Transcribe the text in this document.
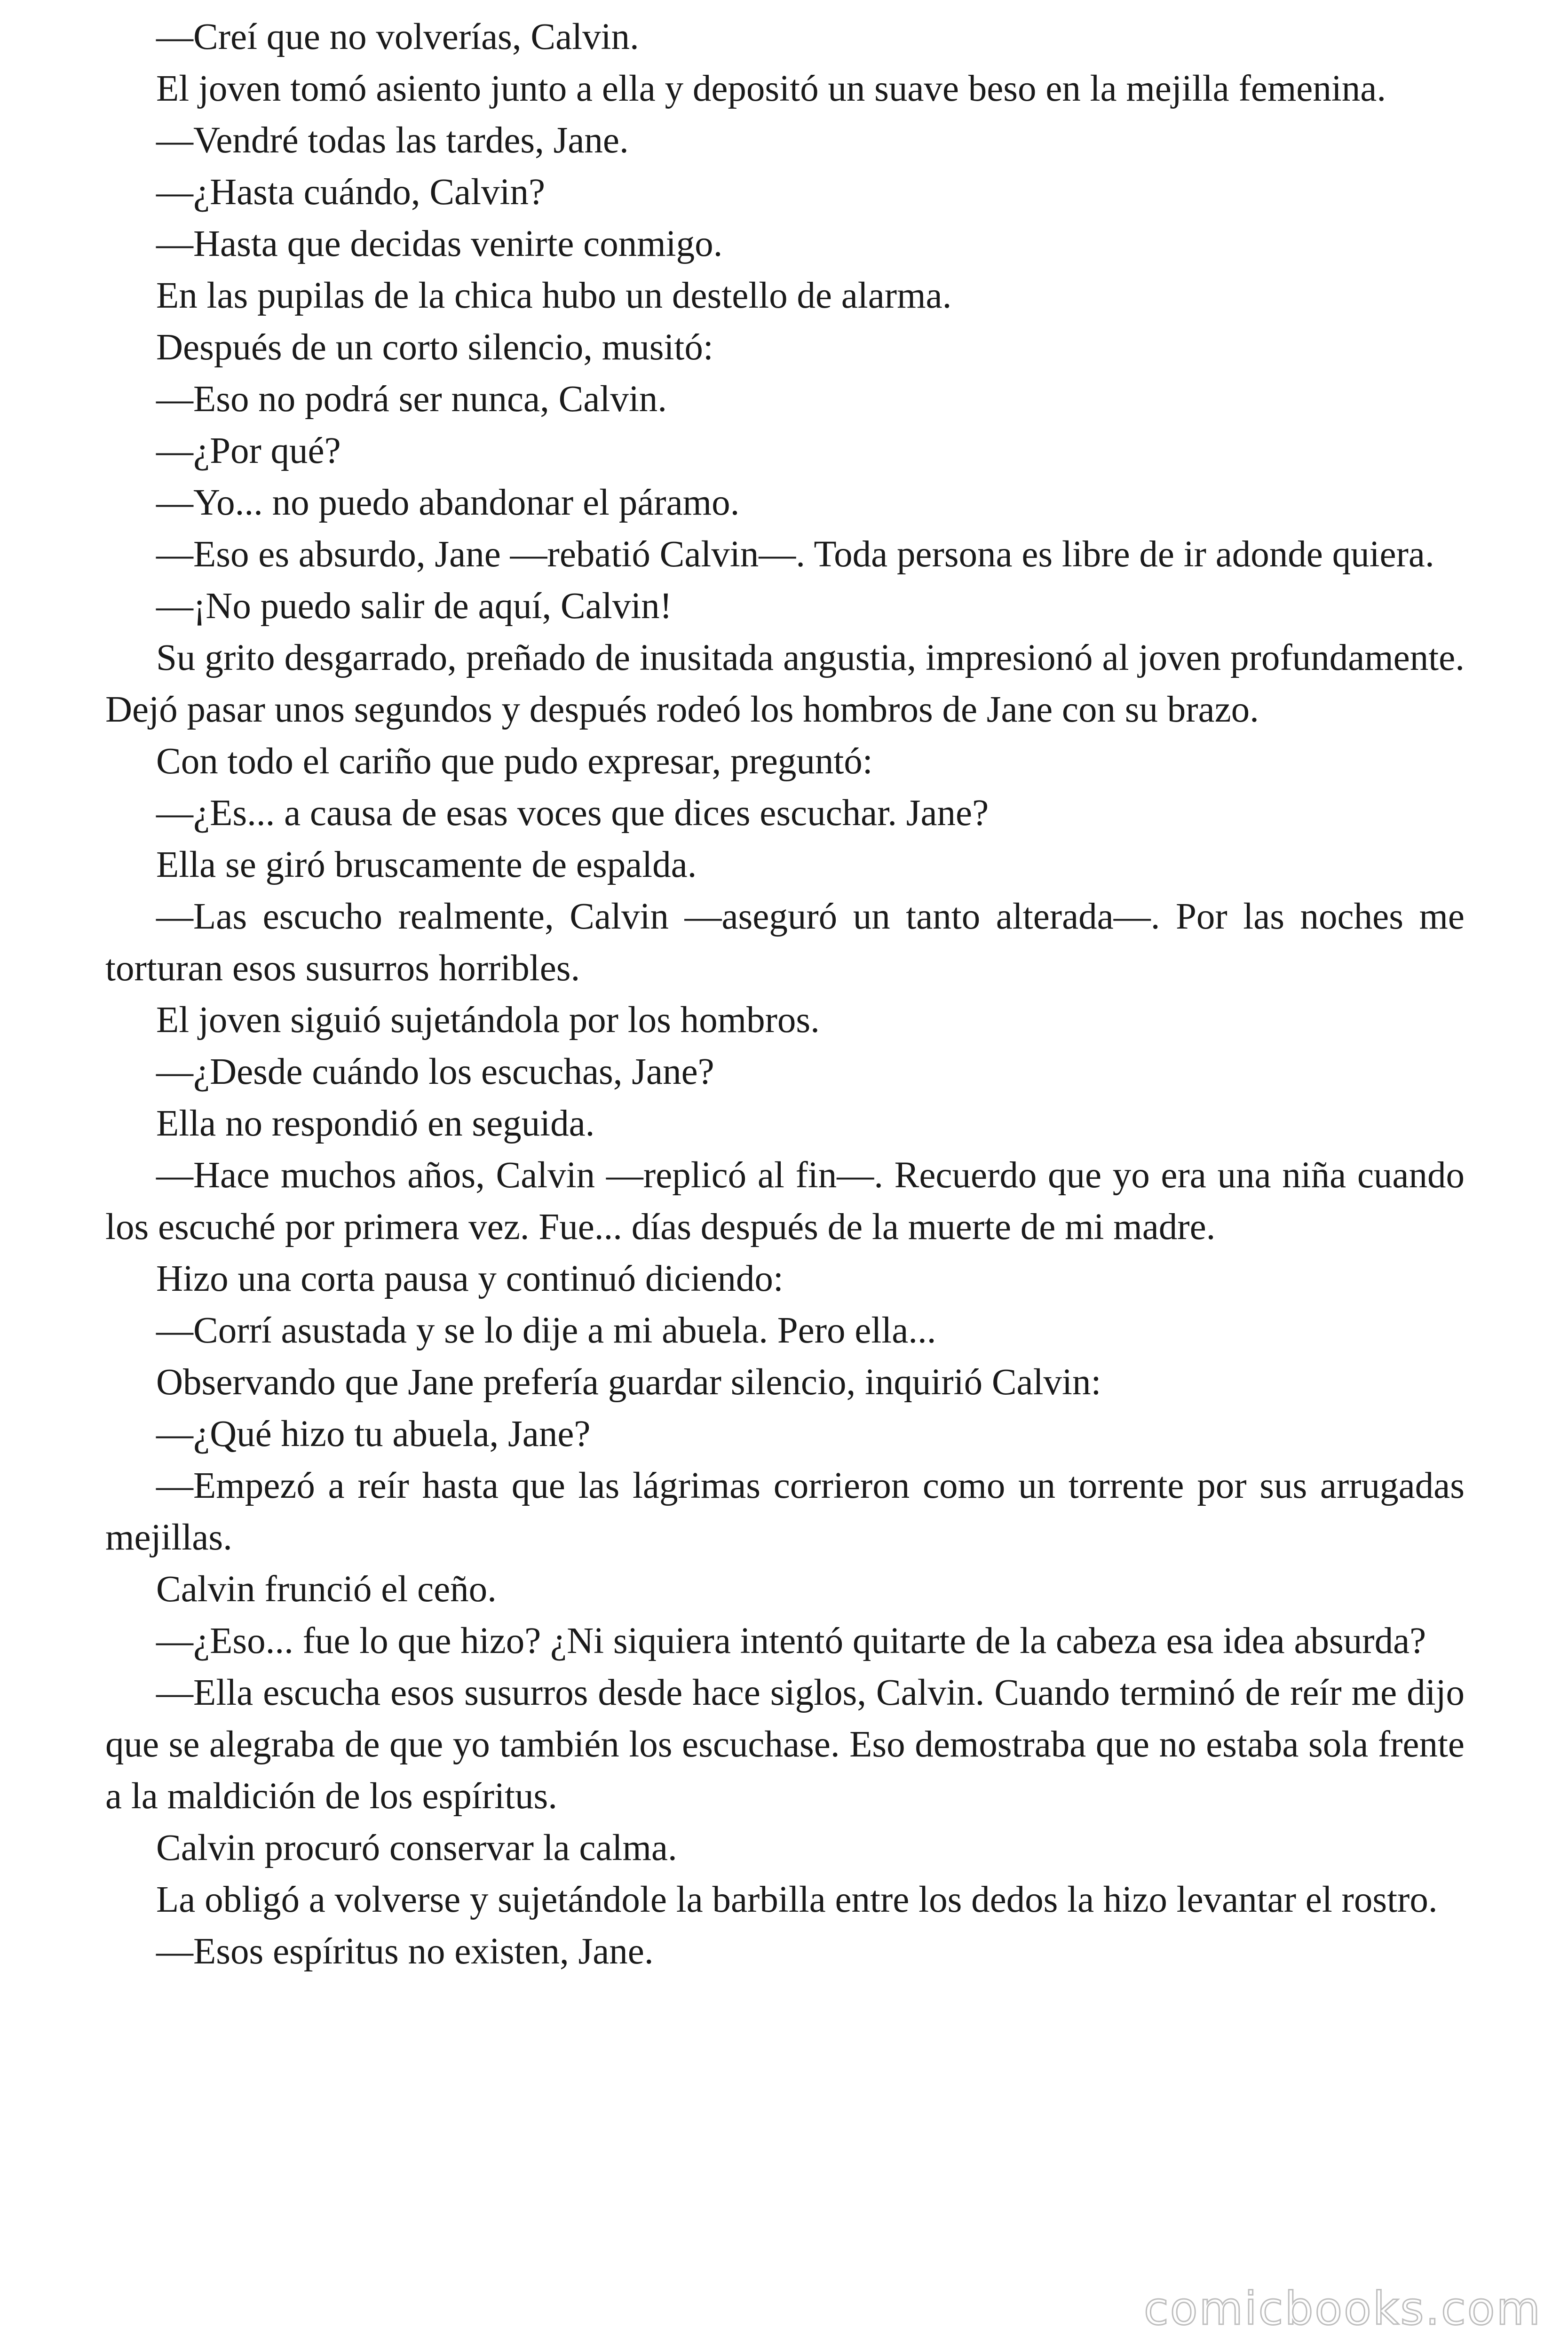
—Creí que no volverías, Calvin.

El joven tomó asiento junto a ella y depositó un suave beso en la mejilla femenina.

—Vendré todas las tardes, Jane.

—¿Hasta cuándo, Calvin?

—Hasta que decidas venirte conmigo.

En las pupilas de la chica hubo un destello de alarma.

Después de un corto silencio, musitó:

—Eso no podrá ser nunca, Calvin.

—¿Por qué?

—Yo... no puedo abandonar el páramo.

—Eso es absurdo, Jane —rebatió Calvin—. Toda persona es libre de ir adonde quiera.

—¡No puedo salir de aquí, Calvin!

Su grito desgarrado, preñado de inusitada angustia, impresionó al joven profundamente. Dejó pasar unos segundos y después rodeó los hombros de Jane con su brazo.

Con todo el cariño que pudo expresar, preguntó:

—¿Es... a causa de esas voces que dices escuchar. Jane?

Ella se giró bruscamente de espalda.

—Las escucho realmente, Calvin —aseguró un tanto alterada—. Por las noches me torturan esos susurros horribles.

El joven siguió sujetándola por los hombros.

—¿Desde cuándo los escuchas, Jane?

Ella no respondió en seguida.

—Hace muchos años, Calvin —replicó al fin—. Recuerdo que yo era una niña cuando los escuché por primera vez. Fue... días después de la muerte de mi madre.

Hizo una corta pausa y continuó diciendo:

—Corrí asustada y se lo dije a mi abuela. Pero ella...

Observando que Jane prefería guardar silencio, inquirió Calvin:

—¿Qué hizo tu abuela, Jane?

—Empezó a reír hasta que las lágrimas corrieron como un torrente por sus arrugadas mejillas.

Calvin frunció el ceño.

—¿Eso... fue lo que hizo? ¿Ni siquiera intentó quitarte de la cabeza esa idea absurda?

—Ella escucha esos susurros desde hace siglos, Calvin. Cuando terminó de reír me dijo que se alegraba de que yo también los escuchase. Eso demostraba que no estaba sola frente a la maldición de los espíritus.

Calvin procuró conservar la calma.

La obligó a volverse y sujetándole la barbilla entre los dedos la hizo levantar el rostro.

—Esos espíritus no existen, Jane.

comicbooks.com
